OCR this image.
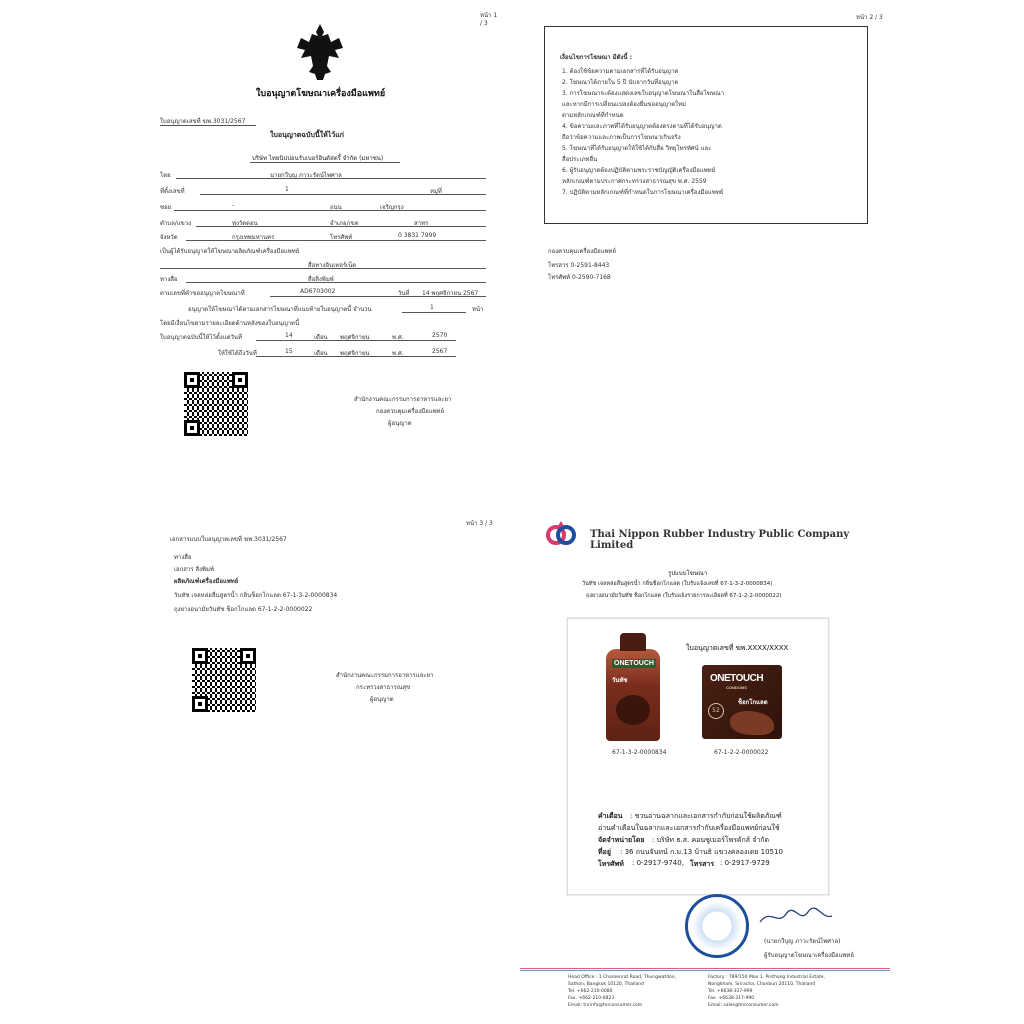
หน้า 1 / 3
ใบอนุญาตโฆษณาเครื่องมือแพทย์
ใบอนุญาตเลขที่ ฆพ.3031/2567
ใบอนุญาตฉบับนี้ให้ไว้แก่
บริษัท ไทยนิปปอนรับเบอร์อินดัสตรี้ จำกัด (มหาชน)
โดย	นายกวีบุญ ภาวะรัตน์ไพศาล
ที่ตั้งเลขที่	1	หมู่ที่
ซอย	-	ถนน	เจริญกรุง
ตำบล/แขวง	ทุ่งวัดดอน	อำเภอ/เขต	สาทร
จังหวัด	กรุงเทพมหานคร	โทรศัพท์	0 3831 7999
เป็นผู้ได้รับอนุญาตให้โฆษณาผลิตภัณฑ์เครื่องมือแพทย์
สื่อทางอินเทอร์เน็ต
ทางสื่อ	สื่อสิ่งพิมพ์
ตามเลขที่คำขออนุญาตโฆษณาที่	AD6703002	วันที่ 14 พฤศจิกายน 2567
อนุญาตให้โฆษณาได้ตามเอกสารโฆษณาที่แนบท้ายใบอนุญาตนี้ จำนวน	1	หน้า
โดยมีเงื่อนไขตามรายละเอียดด้านหลังของใบอนุญาตนี้
ใบอนุญาตฉบับนี้ให้ไว้ตั้งแต่วันที่	14	เดือน พฤศจิกายน	พ.ศ.	2570
ให้ใช้ได้ถึงวันที่	15	เดือน พฤศจิกายน	พ.ศ.	2567
สำนักงานคณะกรรมการอาหารและยา
กองควบคุมเครื่องมือแพทย์
ผู้อนุญาต
หน้า 2 / 3
เงื่อนไขการโฆษณา มีดังนี้ :
1. ต้องใช้ข้อความตามเอกสารที่ได้รับอนุญาต
2. โฆษณาได้ภายใน 5 ปี นับจากวันที่อนุญาต
3. การโฆษณาจะต้องแสดงเลขใบอนุญาตโฆษณาในสื่อโฆษณา
และหากมีการเปลี่ยนแปลงต้องยื่นขออนุญาตใหม่
ตามหลักเกณฑ์ที่กำหนด
4. ข้อความและภาพที่ได้รับอนุญาตต้องตรงตามที่ได้รับอนุญาต
ถือว่าข้อความและภาพเป็นการโฆษณาเกินจริง
5. โฆษณาที่ได้รับอนุญาตให้ใช้ได้กับสื่อ วิทยุโทรทัศน์ และ
สื่อประเภทอื่น
6. ผู้รับอนุญาตต้องปฏิบัติตามพระราชบัญญัติเครื่องมือแพทย์
หลักเกณฑ์ตามประกาศกระทรวงสาธารณสุข พ.ศ. 2559
7. ปฏิบัติตามหลักเกณฑ์ที่กำหนดในการโฆษณาเครื่องมือแพทย์
กองควบคุมเครื่องมือแพทย์
โทรสาร 0-2591-8443
โทรศัพท์ 0-2590-7168
หน้า 3 / 3
เอกสารแนบใบอนุญาตเลขที่ ฆพ.3031/2567
ทางสื่อ
เอกสาร สิ่งพิมพ์
ผลิตภัณฑ์เครื่องมือแพทย์
วันทัช เจลหล่อลื่นสูตรน้ำ กลิ่นช็อกโกแลต 67-1-3-2-0000834
ถุงยางอนามัยวันทัช ช็อกโกแลต 67-1-2-2-0000022
สำนักงานคณะกรรมการอาหารและยา
กระทรวงสาธารณสุข
ผู้อนุญาต
Thai Nippon Rubber Industry Public Company Limited
รูปแบบโฆษณา
วันทัช เจลหล่อลื่นสูตรน้ำ กลิ่นช็อกโกแลต (ใบรับแจ้งเลขที่ 67-1-3-2-0000834)
ถุงยางอนามัยวันทัช ช็อกโกแลต (ใบรับแจ้งรายการละเอียดที่ 67-1-2-2-0000022)
ใบอนุญาตเลขที่ ฆพ.XXXX/XXXX
ONETOUCH
วันทัช	ONETOUCH
CONDOMS
ช็อกโกแลต
52
67-1-3-2-0000834	67-1-2-2-0000022
คำเตือน : ชวนอ่านฉลากและเอกสารกำกับก่อนใช้ผลิตภัณฑ์
อ่านคำเตือนในฉลากและเอกสารกำกับเครื่องมือแพทย์ก่อนใช้
จัดจำหน่ายโดย : บริษัท ธ.ส. คอนซูเมอร์โพรดักส์ จำกัด
ที่อยู่ : 36 ถนนจันทน์ ก.ม.13 บ้านธิ แขวงคลองเตย 10510
โทรศัพท์ : 0-2917-9740, โทรสาร : 0-2917-9729
(นายกวีบุญ ภาวะรัตน์ไพศาล)
ผู้รับอนุญาตโฆษณาเครื่องมือแพทย์
Head Office : 1 Charoenrat Road, Thungwatdon,
Sathon, Bangkok 10120, Thailand
Tel. +662-210-0080
Fax. +662-210-0823
Email: tnrinfo@tnrconsumer.com
Factory : 789/150 Moo 1, Pinthong Industrial Estate,
Nongkham, Sriracha, Chonburi 20110, Thailand
Tel. +6638-317-999
Fax. +6638-317-990
Email: sales@tnrconsumer.com
